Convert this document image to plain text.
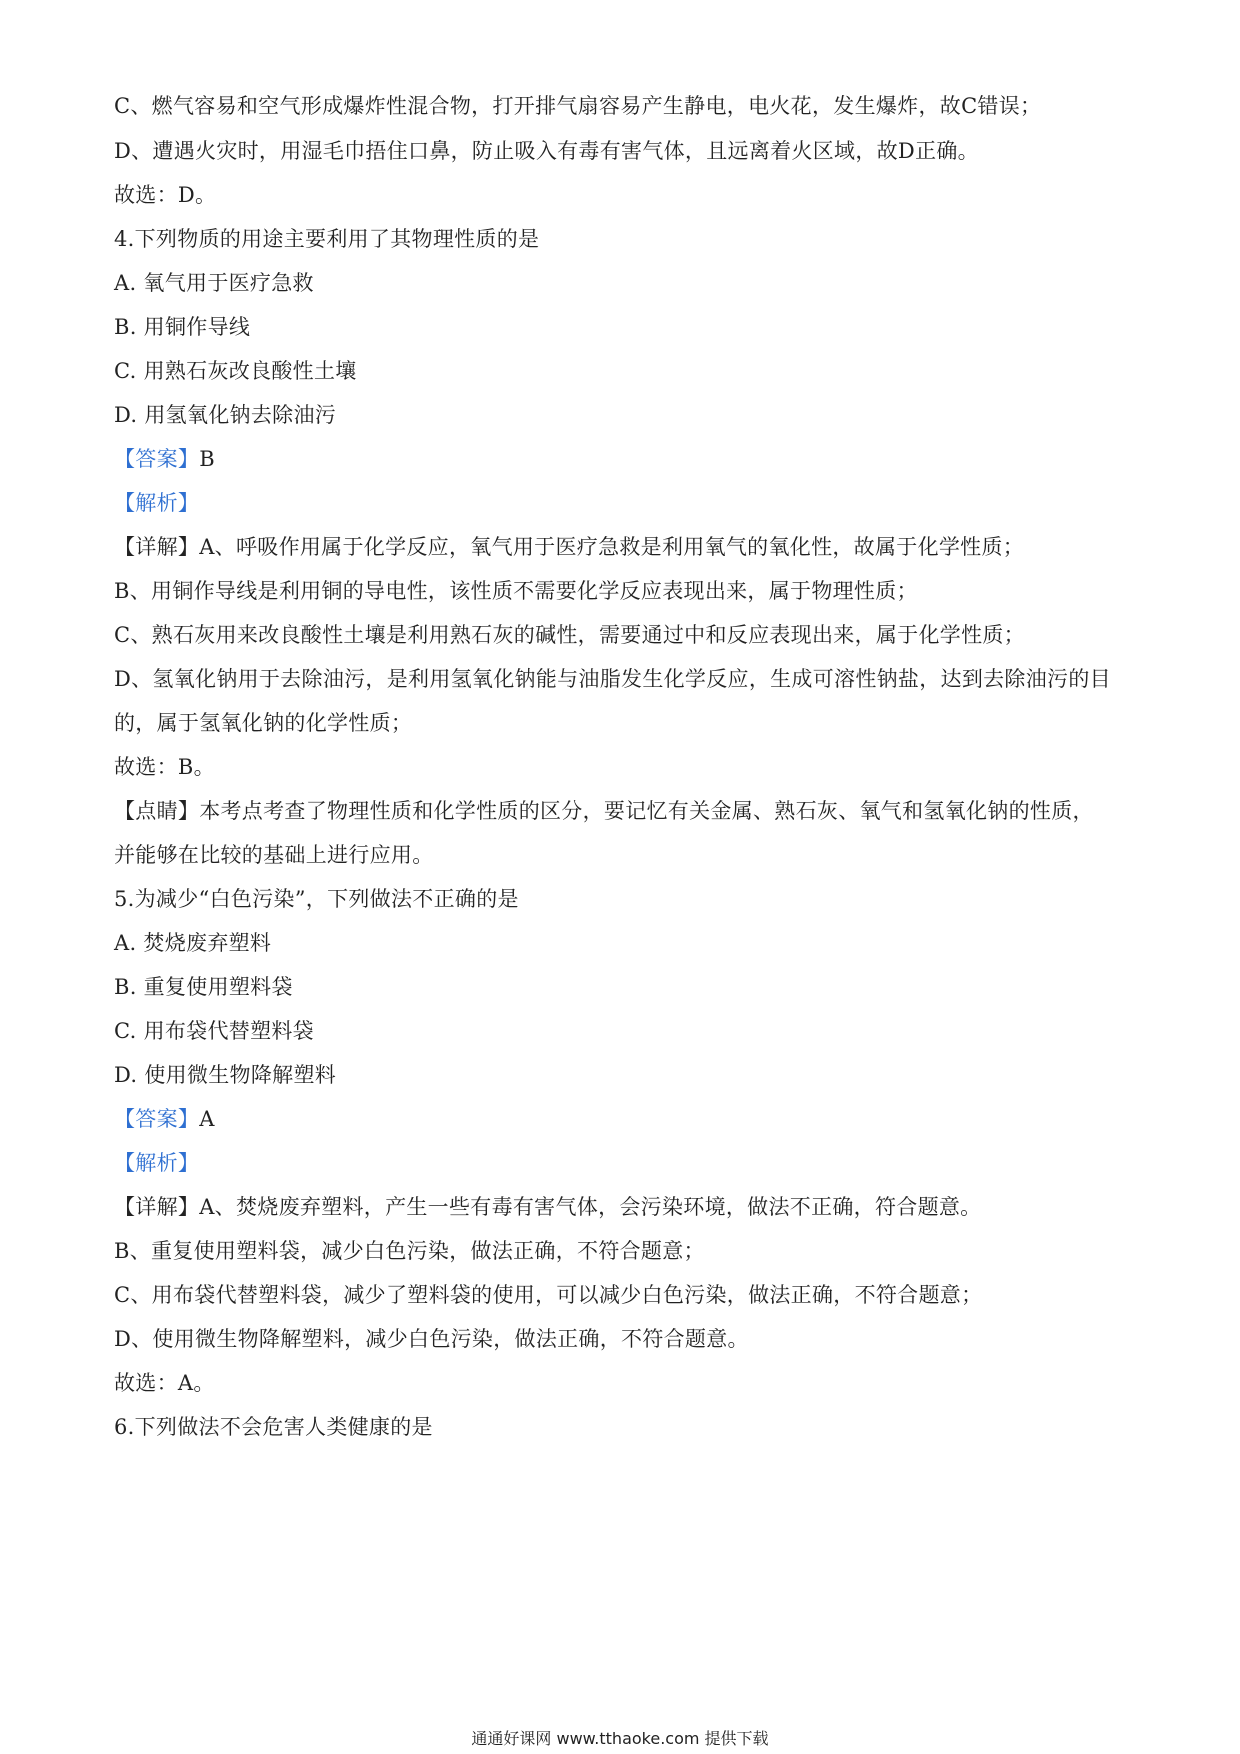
C、燃气容易和空气形成爆炸性混合物，打开排气扇容易产生静电，电火花，发生爆炸，故C错误；
D、遭遇火灾时，用湿毛巾捂住口鼻，防止吸入有毒有害气体，且远离着火区域，故D正确。
故选：D。
4.下列物质的用途主要利用了其物理性质的是
A. 氧气用于医疗急救
B. 用铜作导线
C. 用熟石灰改良酸性土壤
D. 用氢氧化钠去除油污
【答案】B
【解析】
【详解】A、呼吸作用属于化学反应，氧气用于医疗急救是利用氧气的氧化性，故属于化学性质；
B、用铜作导线是利用铜的导电性，该性质不需要化学反应表现出来，属于物理性质；
C、熟石灰用来改良酸性土壤是利用熟石灰的碱性，需要通过中和反应表现出来，属于化学性质；
D、氢氧化钠用于去除油污，是利用氢氧化钠能与油脂发生化学反应，生成可溶性钠盐，达到去除油污的目
的，属于氢氧化钠的化学性质；
故选：B。
【点睛】本考点考查了物理性质和化学性质的区分，要记忆有关金属、熟石灰、氧气和氢氧化钠的性质，
并能够在比较的基础上进行应用。
5.为减少“白色污染”，下列做法不正确的是
A. 焚烧废弃塑料
B. 重复使用塑料袋
C. 用布袋代替塑料袋
D. 使用微生物降解塑料
【答案】A
【解析】
【详解】A、焚烧废弃塑料，产生一些有毒有害气体，会污染环境，做法不正确，符合题意。
B、重复使用塑料袋，减少白色污染，做法正确，不符合题意；
C、用布袋代替塑料袋，减少了塑料袋的使用，可以减少白色污染，做法正确，不符合题意；
D、使用微生物降解塑料，减少白色污染，做法正确，不符合题意。
故选：A。
6.下列做法不会危害人类健康的是
通通好课网 www.tthaoke.com 提供下载
